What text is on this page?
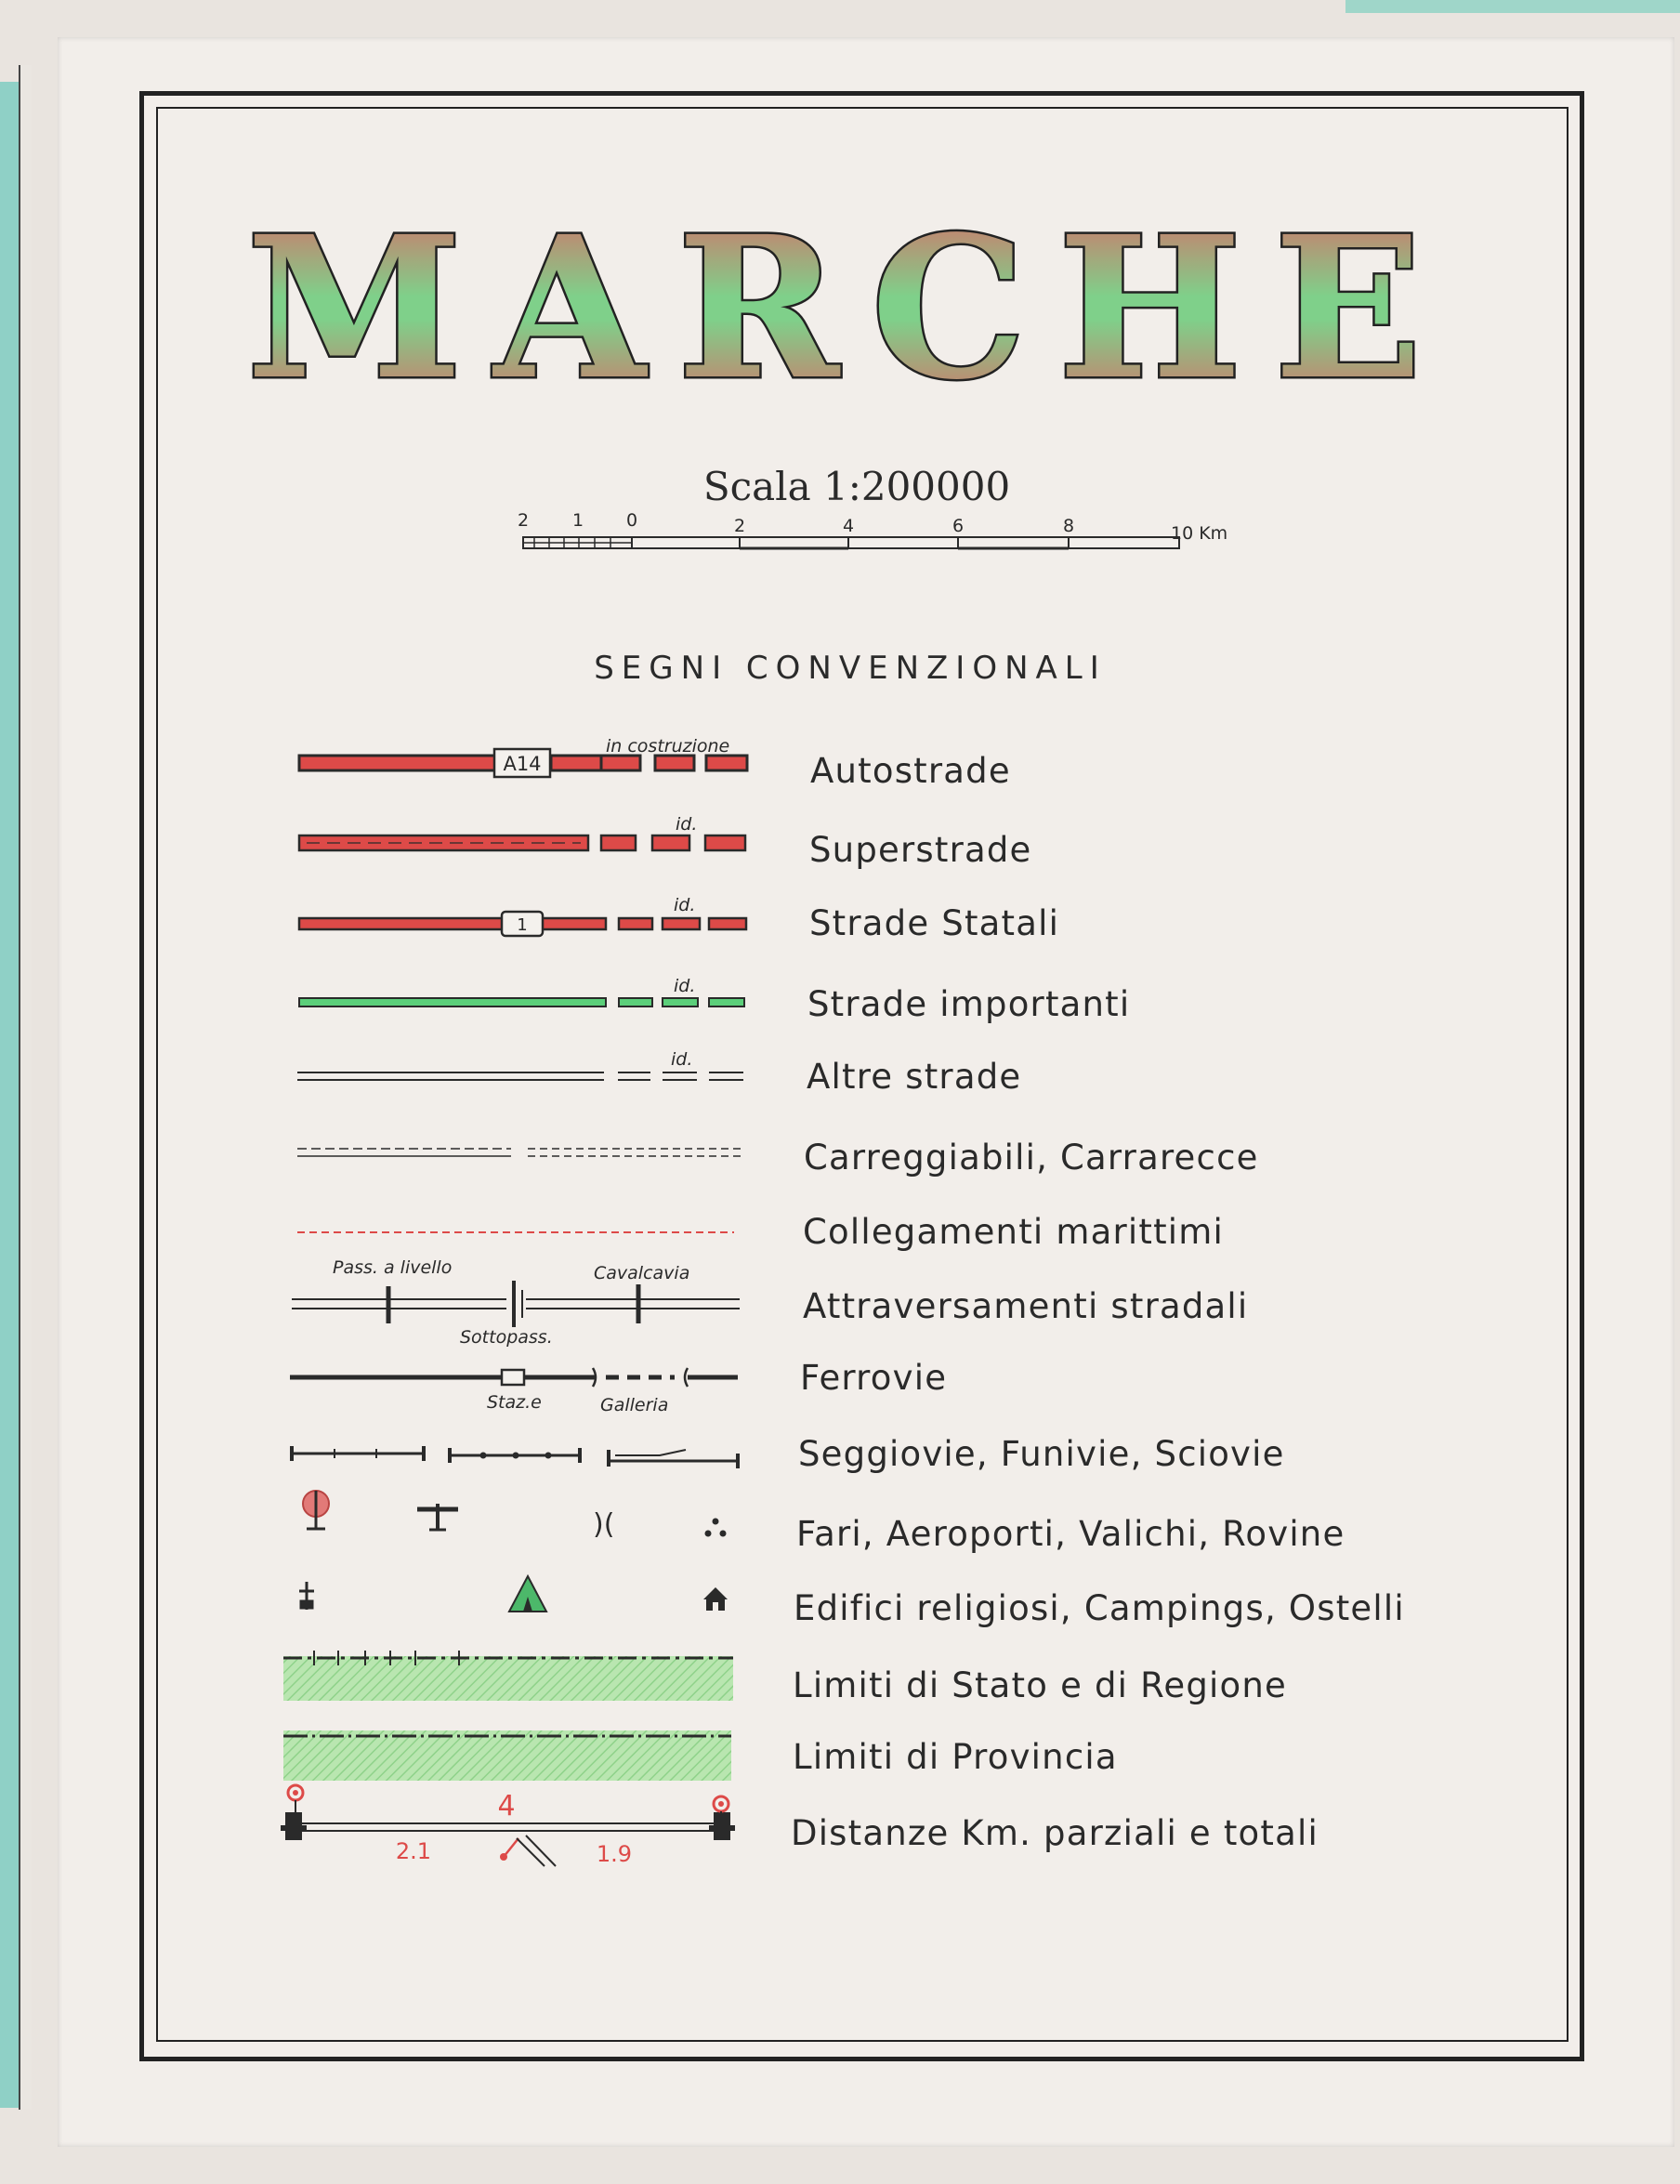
MARCHE
Scala 1:200000
2 1 0	2	4	6	8	10 Km
SEGNI CONVENZIONALI
Autostrade
Superstrade
Strade Statali
Strade importanti
Altre strade
Carreggiabili, Carrarecce
Collegamenti marittimi
Attraversamenti stradali
Ferrovie
Seggiovie, Funivie, Sciovie
Fari, Aeroporti, Valichi, Rovine
Edifici religiosi, Campings, Ostelli
Limiti di Stato e di Regione
Limiti di Provincia
Distanze Km. parziali e totali
A14
in costruzione
id.
1
id.
id.
id.
Pass. a livello	Cavalcavia
Sottopass.
Staz.e	Galleria
)(
4
2.1	1.9
